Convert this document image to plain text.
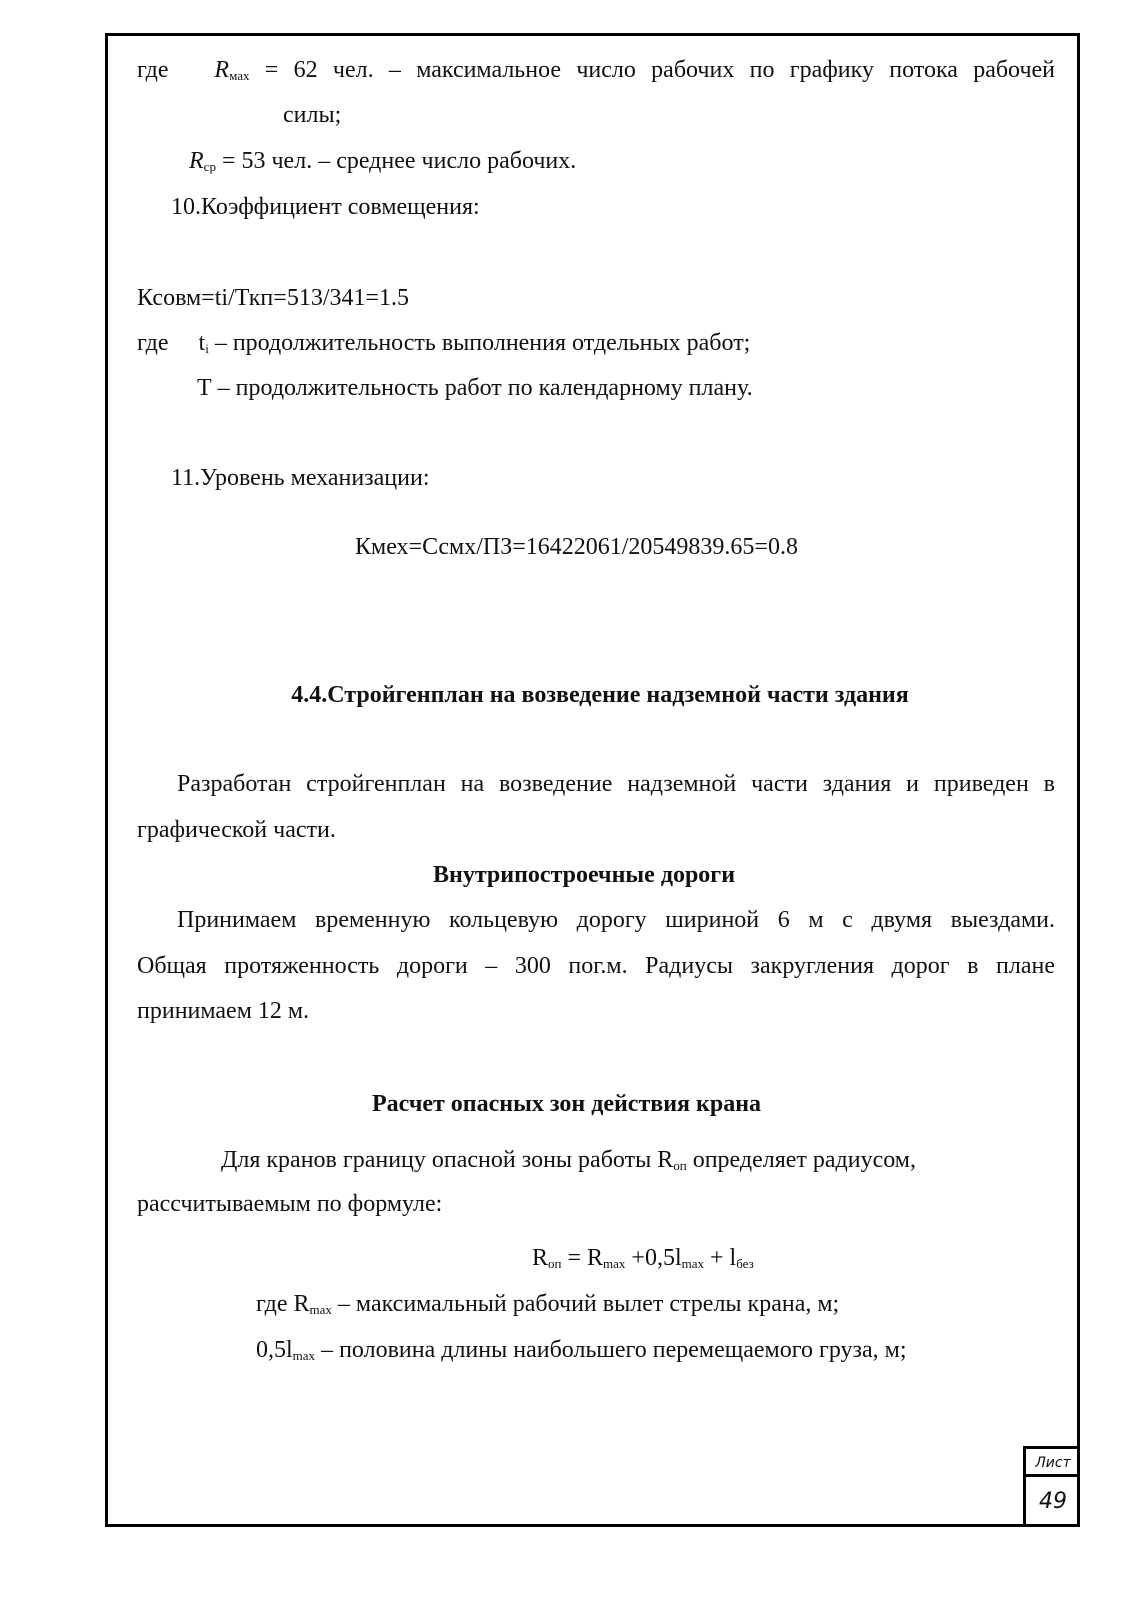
где $R_{мах} = 62$ чел. – максимальное число рабочих по графику потока рабочей
силы;
$R_{ср} = 53$ чел. – среднее число рабочих.
10.Коэффициент совмещения:
Ксовм=ti/Ткп=513/341=1.5
где $t_i$ – продолжительность выполнения отдельных работ;
Т – продолжительность работ по календарному плану.
11.Уровень механизации:
Кмех=Ссмх/ПЗ=16422061/20549839.65=0.8
4.4.Стройгенплан на возведение надземной части здания
Разработан стройгенплан на возведение надземной части здания и приведен в
графической части.
Внутрипостроечные дороги
Принимаем временную кольцевую дорогу шириной 6 м с двумя выездами.
Общая протяженность дороги – 300 пог.м. Радиусы закругления дорог в плане
принимаем 12 м.
Расчет опасных зон действия крана
Для кранов границу опасной зоны работы $R_{оп}$ определяет радиусом,
рассчитываемым по формуле:
$R_{оп} = R_{max} +0,5l_{max} + l_{без}$
где $R_{max}$ – максимальный рабочий вылет стрелы крана, м;
$0,5l_{max}$ – половина длины наибольшего перемещаемого груза, м;
Лист
49
